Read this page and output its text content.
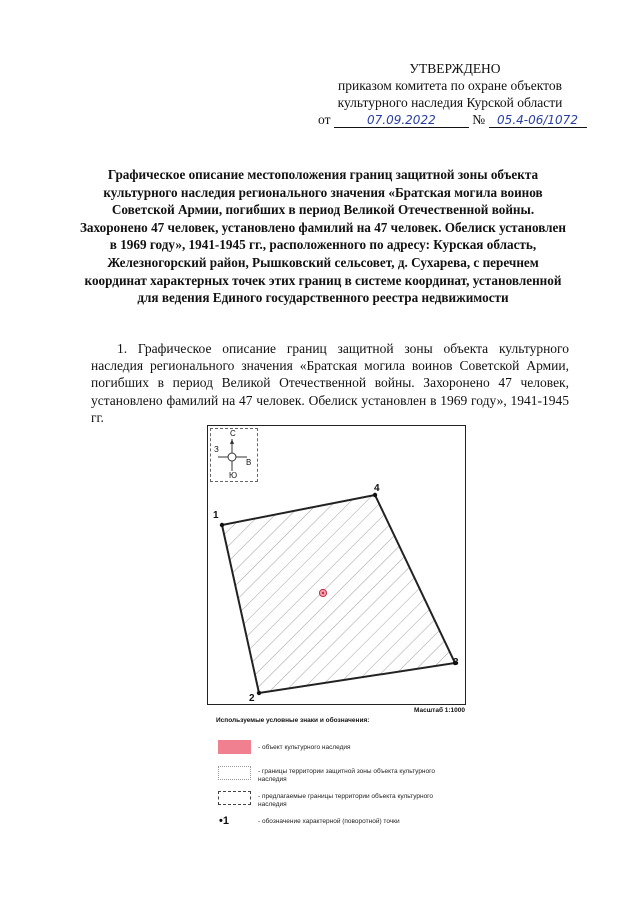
УТВЕРЖДЕНО
приказом комитета по охране объектов
культурного наследия Курской области
от	07.09.2022	№ 05.4-06/1072
Графическое описание местоположения границ защитной зоны объекта культурного наследия регионального значения «Братская могила воинов Советской Армии, погибших в период Великой Отечественной войны. Захоронено 47 человек, установлено фамилий на 47 человек. Обелиск установлен в 1969 году», 1941-1945 гг., расположенного по адресу: Курская область, Железногорский район, Рышковский сельсовет, д. Сухарева, с перечнем координат характерных точек этих границ в системе координат, установленной для ведения Единого государственного реестра недвижимости
1. Графическое описание границ защитной зоны объекта культурного наследия регионального значения «Братская могила воинов Советской Армии, погибших в период Великой Отечественной войны. Захоронено 47 человек, установлено фамилий на 47 человек. Обелиск установлен в 1969 году», 1941-1945 гг.
С
З
В
Ю
1
2
3
4
Масштаб 1:1000
Используемые условные знаки и обозначения:
- объект культурного наследия
- границы территории защитной зоны объекта культурного наследия
- предлагаемые границы территории объекта культурного наследия
•1	- обозначение характерной (поворотной) точки
